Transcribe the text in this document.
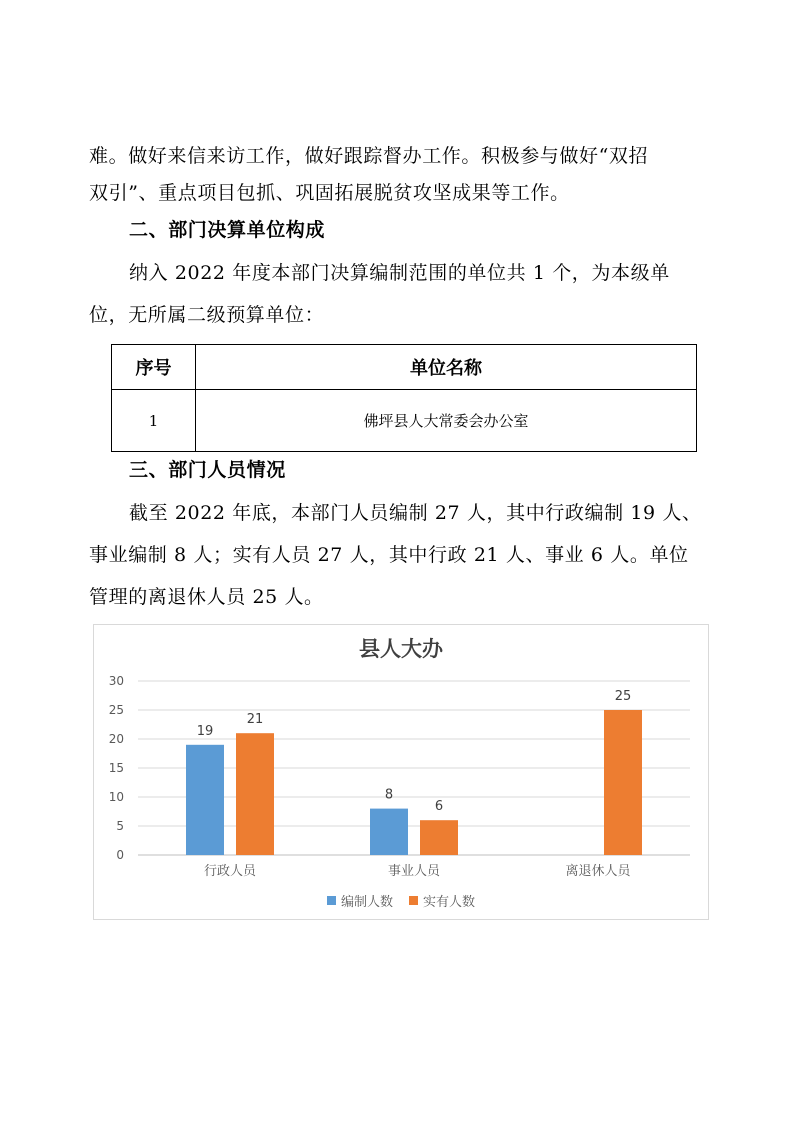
难。做好来信来访工作，做好跟踪督办工作。积极参与做好“双招
双引”、重点项目包抓、巩固拓展脱贫攻坚成果等工作。
二、部门决算单位构成
纳入 2022 年度本部门决算编制范围的单位共 1 个，为本级单
位，无所属二级预算单位：
序号	单位名称
1	佛坪县人大常委会办公室
三、部门人员情况
截至 2022 年底，本部门人员编制 27 人，其中行政编制 19 人、
事业编制 8 人；实有人员 27 人，其中行政 21 人、事业 6 人。单位
管理的离退休人员 25 人。
县人大办
0
5
10
15
20
25
30
19
21
行政人员
8
6
事业人员
25
离退休人员
编制人数 实有人数
